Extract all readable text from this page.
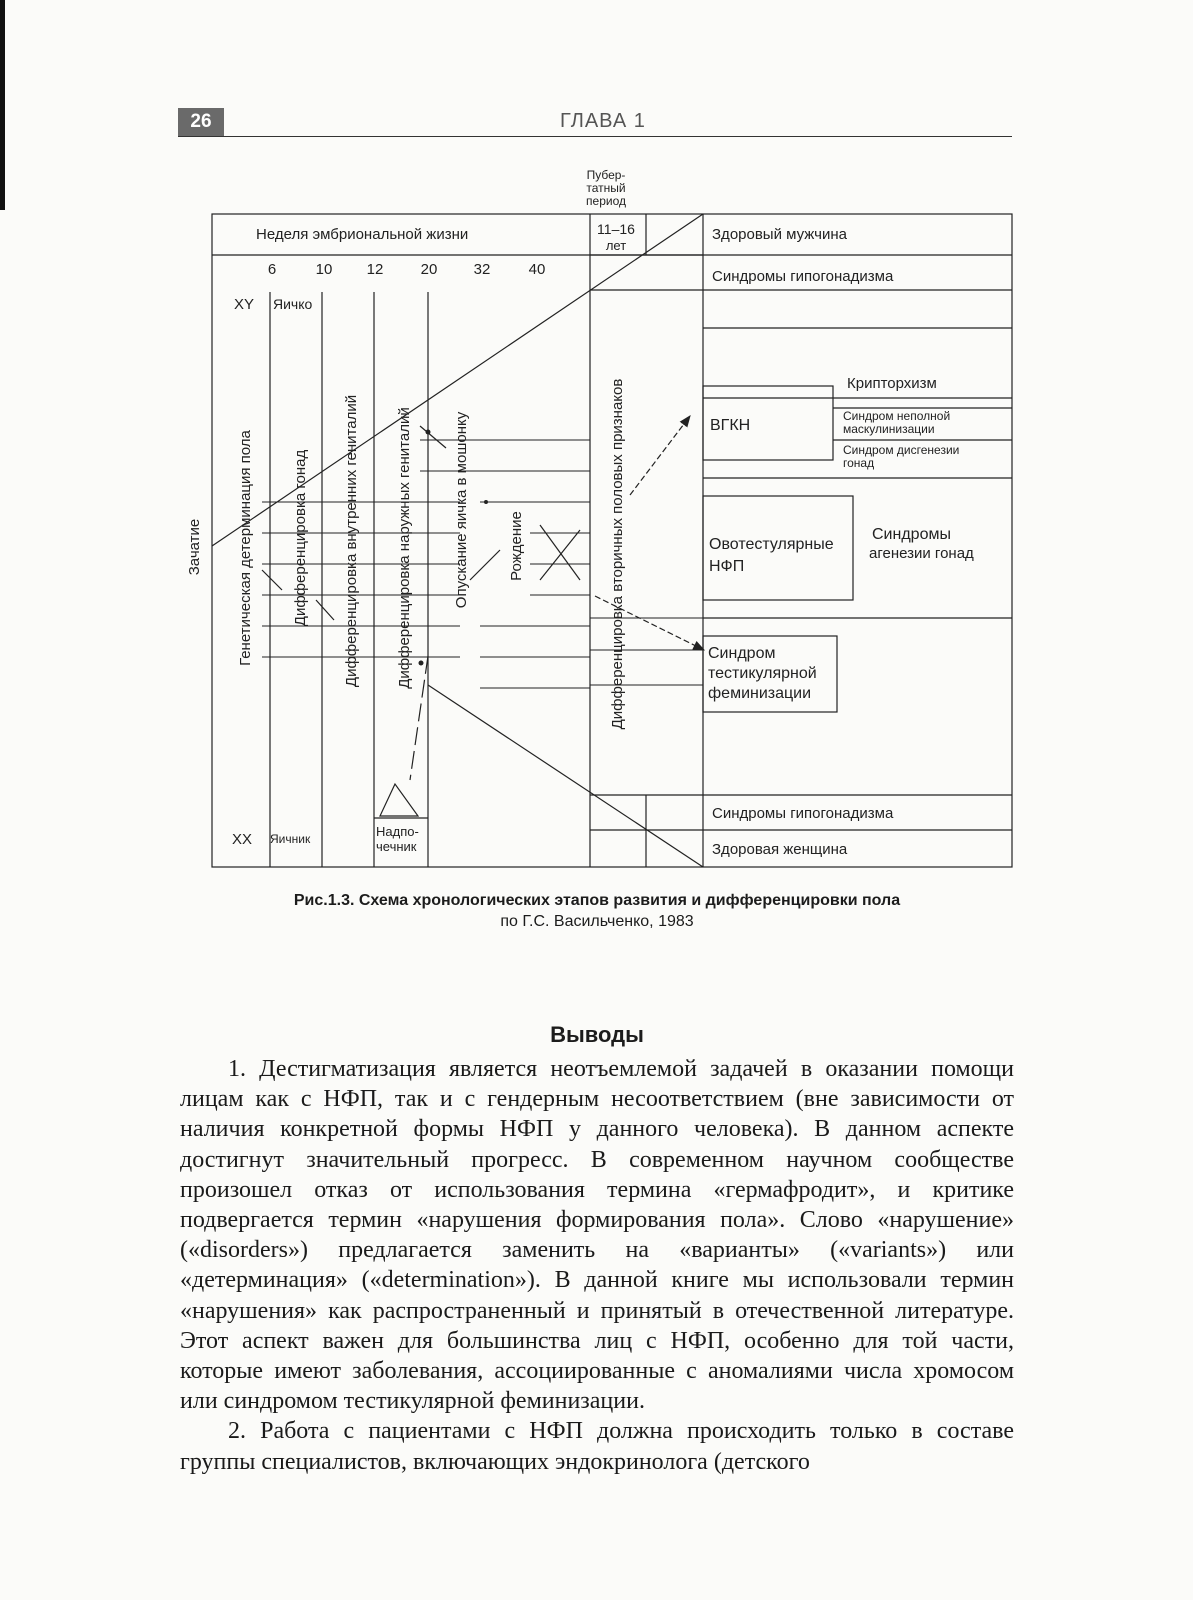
26	ГЛАВА 1
Пубер-
татный
период
Неделя эмбриональной жизни	11–16
лет
6	10 12 20 32	40
XY Яичко
XX Яичник	Надпо-
чечник
Зачатие Генетическая детерминация пола	Дифференцировка гонад Дифференцировка внутренних гениталий Дифференцировка наружных гениталий	Опускание яичка в мошонку	Рождение	Дифференцировка вторичных половых признаков
Здоровый мужчина
Синдромы гипогонадизма
Крипторхизм
Синдром неполной
маскулинизации
Синдром дисгенезии
гонад
ВГКН
Овотестулярные
НФП
Синдромы
агенезии гонад
Синдром
тестикулярной
феминизации
Синдромы гипогонадизма
Здоровая женщина
Рис.1.3. Схема хронологических этапов развития и дифференцировки пола
по Г.С. Васильченко, 1983
Выводы

1. Дестигматизация является неотъемлемой задачей в оказании помощи лицам как с НФП, так и с гендерным несоответствием (вне зависимости от наличия конкретной формы НФП у данного человека). В данном аспекте достигнут значительный прогресс. В современном научном сообществе произошел отказ от использования термина «гермафродит», и критике подвергается термин «нарушения формирования пола». Слово «нарушение» («disorders») предлагается заменить на «варианты» («variants») или «детерминация» («determination»). В данной книге мы использовали термин «нарушения» как распространенный и принятый в отечественной литературе. Этот аспект важен для большинства лиц с НФП, особенно для той части, которые имеют заболевания, ассоциированные с аномалиями числа хромосом или синдромом тестикулярной феминизации.

2. Работа с пациентами с НФП должна происходить только в составе группы специалистов, включающих эндокринолога (детского
